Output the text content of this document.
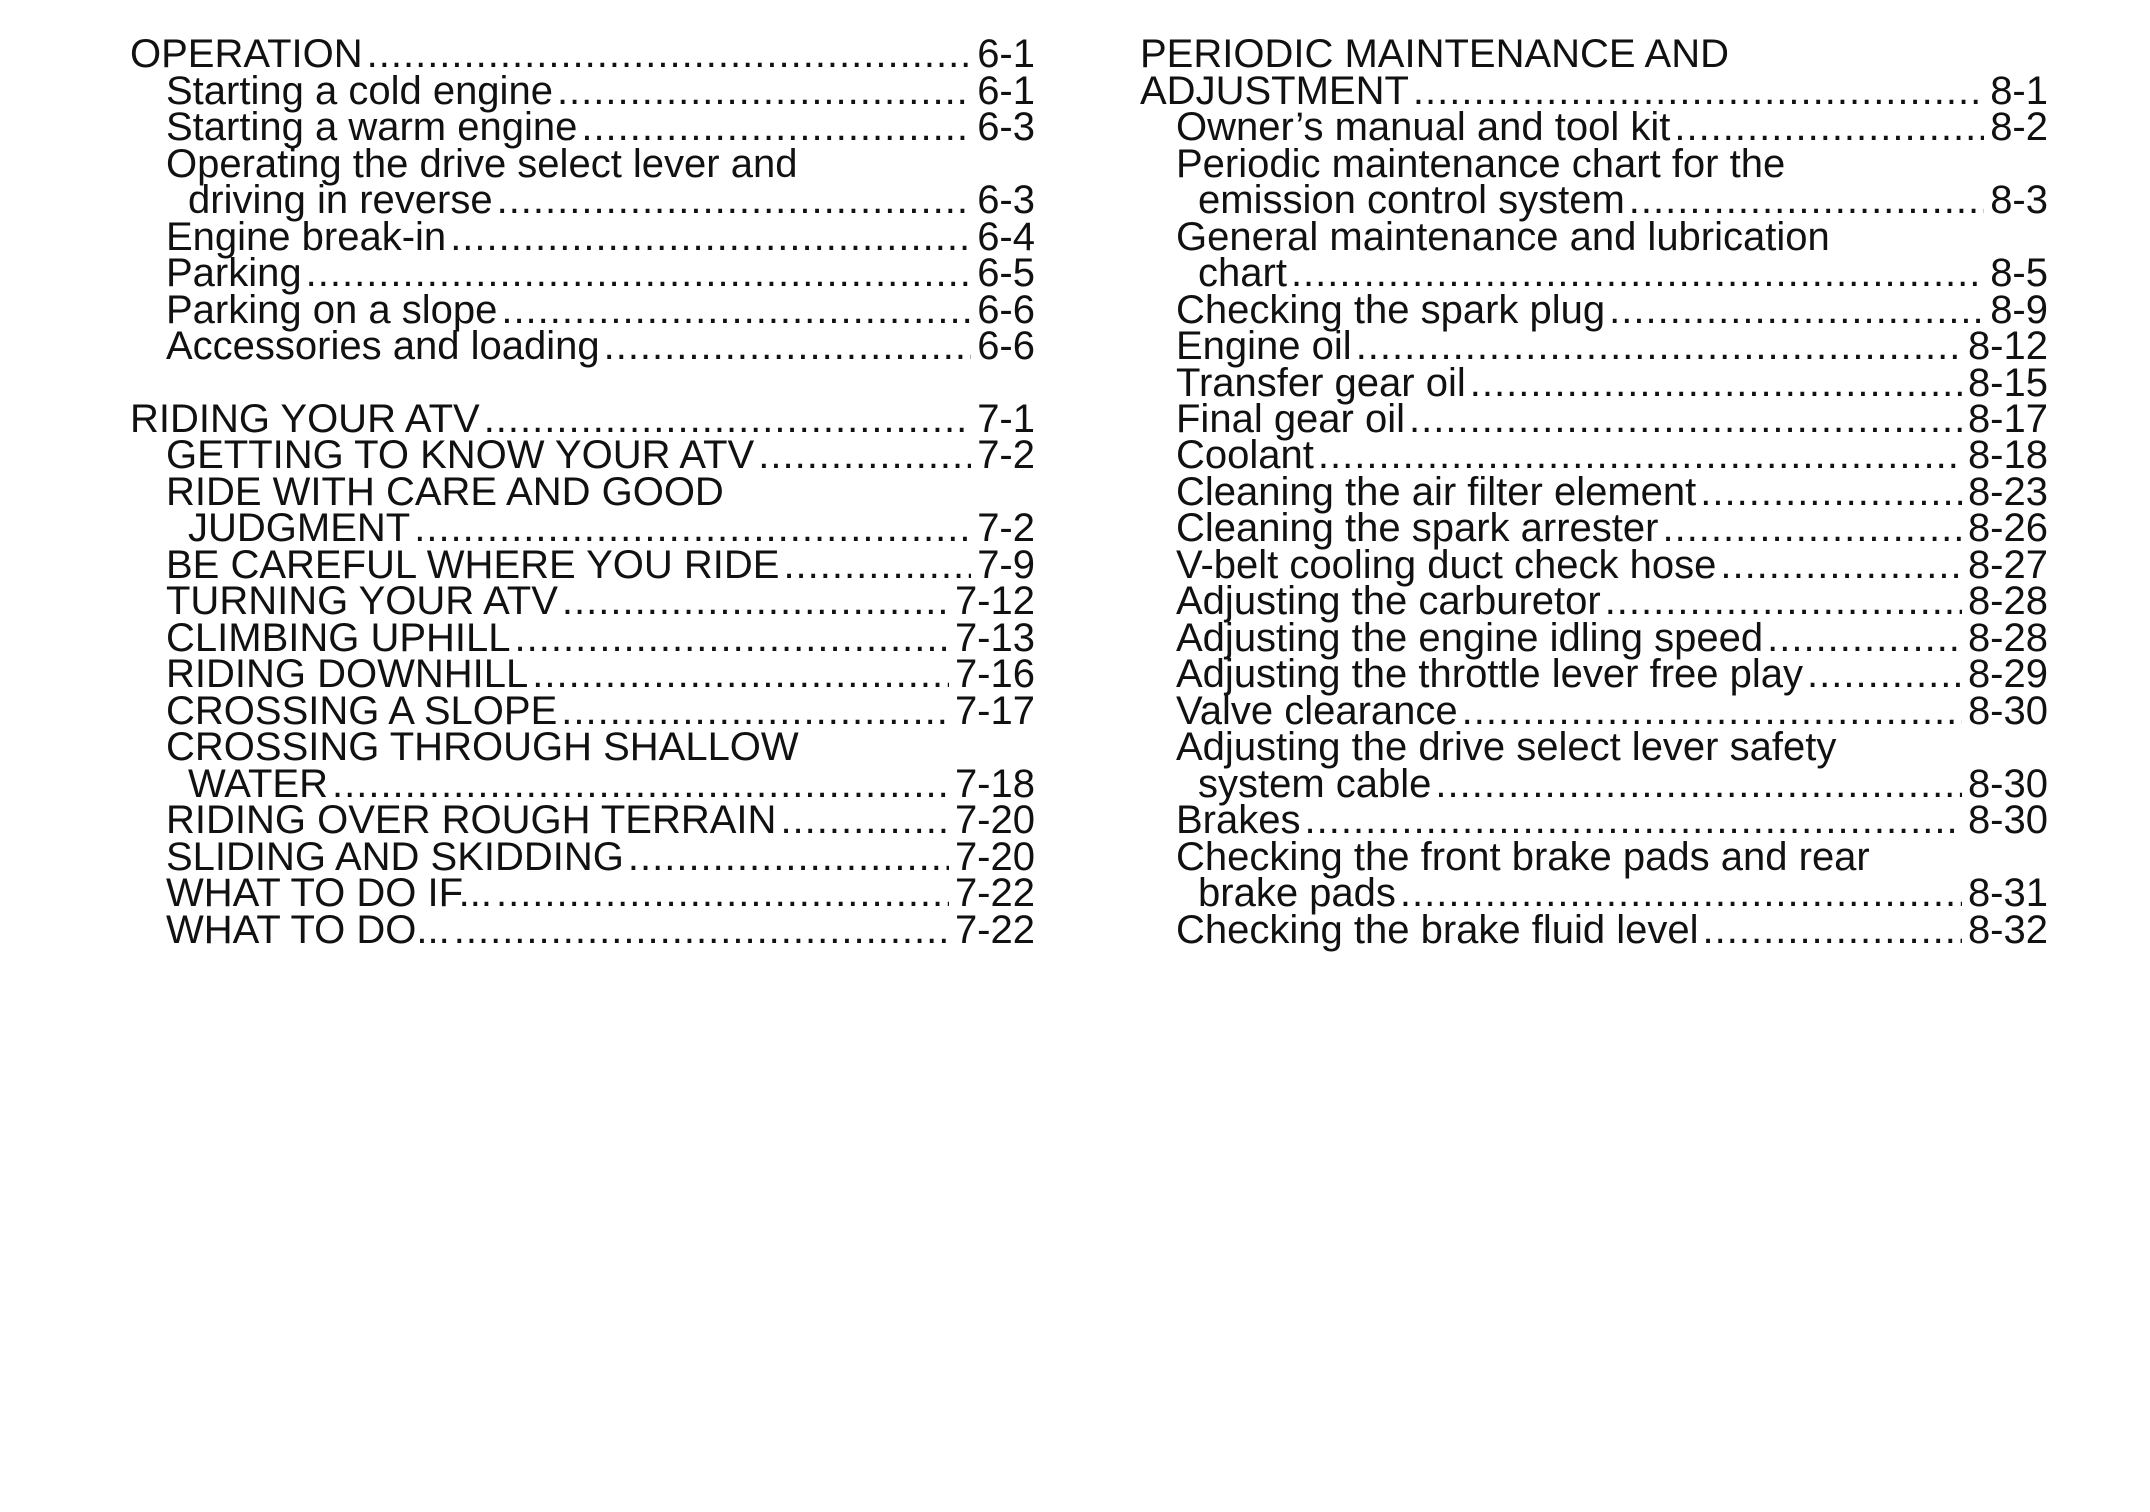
OPERATION .....	6-1
Starting a cold engine .....	6-1
Starting a warm engine .....	6-3
Operating the drive select lever and
driving in reverse .....	6-3
Engine break-in .....	6-4
Parking .....	6-5
Parking on a slope .....	6-6
Accessories and loading .....	6-6
RIDING YOUR ATV .....	7-1
GETTING TO KNOW YOUR ATV .....	7-2
RIDE WITH CARE AND GOOD
JUDGMENT .....	7-2
BE CAREFUL WHERE YOU RIDE .....	7-9
TURNING YOUR ATV .....	7-12
CLIMBING UPHILL .....	7-13
RIDING DOWNHILL .....	7-16
CROSSING A SLOPE .....	7-17
CROSSING THROUGH SHALLOW
WATER .....	7-18
RIDING OVER ROUGH TERRAIN .....	7-20
SLIDING AND SKIDDING .....	7-20
WHAT TO DO IF... .....	7-22
WHAT TO DO... .....	7-22
PERIODIC MAINTENANCE AND
ADJUSTMENT .....	8-1
Owner’s manual and tool kit .....	8-2
Periodic maintenance chart for the
emission control system .....	8-3
General maintenance and lubrication
chart .....	8-5
Checking the spark plug .....	8-9
Engine oil .....	8-12
Transfer gear oil .....	8-15
Final gear oil .....	8-17
Coolant .....	8-18
Cleaning the air filter element .....	8-23
Cleaning the spark arrester .....	8-26
V-belt cooling duct check hose .....	8-27
Adjusting the carburetor .....	8-28
Adjusting the engine idling speed .....	8-28
Adjusting the throttle lever free play .....	8-29
Valve clearance .....	8-30
Adjusting the drive select lever safety
system cable .....	8-30
Brakes .....	8-30
Checking the front brake pads and rear
brake pads .....	8-31
Checking the brake fluid level .....	8-32
